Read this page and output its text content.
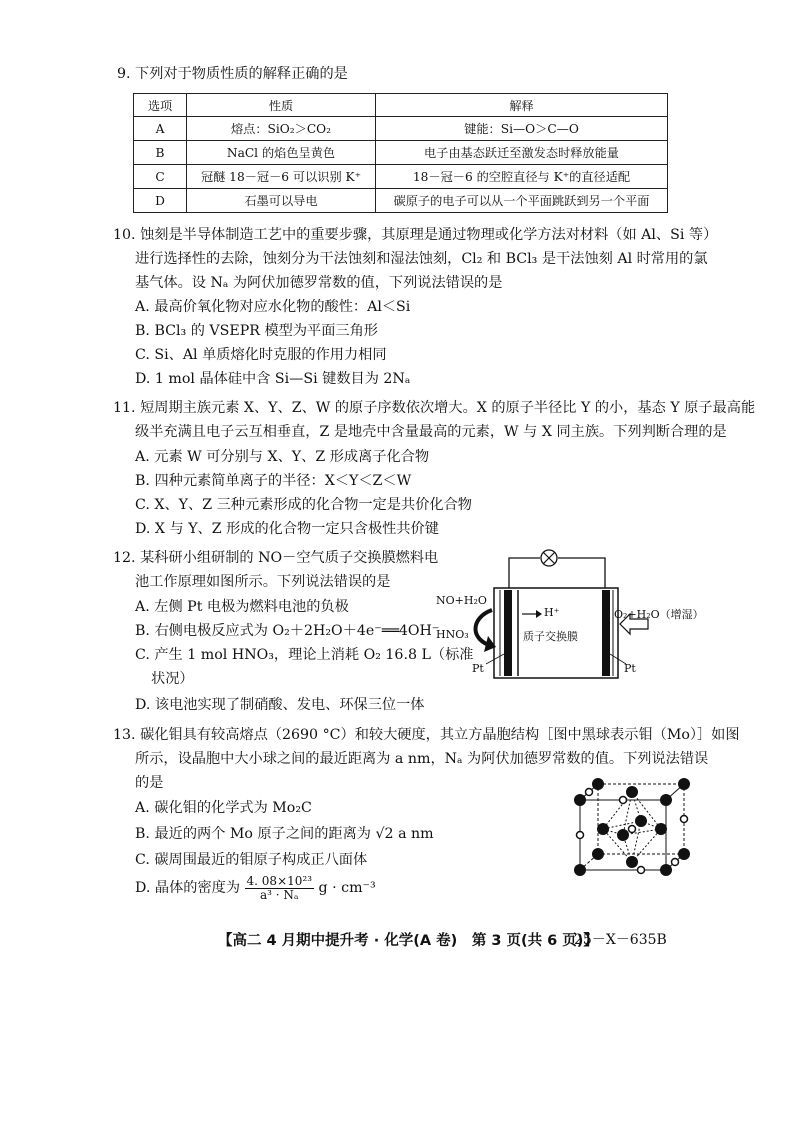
9. 下列对于物质性质的解释正确的是
选项	性质	解释
A	熔点：SiO₂＞CO₂	键能：Si—O＞C—O
B	NaCl 的焰色呈黄色	电子由基态跃迁至激发态时释放能量
C	冠醚 18－冠－6 可以识别 K⁺	18－冠－6 的空腔直径与 K⁺的直径适配
D	石墨可以导电	碳原子的电子可以从一个平面跳跃到另一个平面
10. 蚀刻是半导体制造工艺中的重要步骤，其原理是通过物理或化学方法对材料（如 Al、Si 等）
进行选择性的去除，蚀刻分为干法蚀刻和湿法蚀刻，Cl₂ 和 BCl₃ 是干法蚀刻 Al 时常用的氯
基气体。设 Nₐ 为阿伏加德罗常数的值，下列说法错误的是
A. 最高价氧化物对应水化物的酸性：Al＜Si
B. BCl₃ 的 VSEPR 模型为平面三角形
C. Si、Al 单质熔化时克服的作用力相同
D. 1 mol 晶体硅中含 Si—Si 键数目为 2Nₐ
11. 短周期主族元素 X、Y、Z、W 的原子序数依次增大。X 的原子半径比 Y 的小，基态 Y 原子最高能
级半充满且电子云互相垂直，Z 是地壳中含量最高的元素，W 与 X 同主族。下列判断合理的是
A. 元素 W 可分别与 X、Y、Z 形成离子化合物
B. 四种元素简单离子的半径：X＜Y＜Z＜W
C. X、Y、Z 三种元素形成的化合物一定是共价化合物
D. X 与 Y、Z 形成的化合物一定只含极性共价键
12. 某科研小组研制的 NO－空气质子交换膜燃料电
池工作原理如图所示。下列说法错误的是
A. 左侧 Pt 电极为燃料电池的负极
B. 右侧电极反应式为 O₂＋2H₂O＋4e⁻══4OH⁻
C. 产生 1 mol HNO₃，理论上消耗 O₂ 16.8 L（标准
状况）
D. 该电池实现了制硝酸、发电、环保三位一体
NO+H₂O
HNO₃
H⁺
质子交换膜
O₂+H₂O（增湿）
Pt	Pt
13. 碳化钼具有较高熔点（2690 °C）和较大硬度，其立方晶胞结构［图中黑球表示钼（Mo）］如图
所示，设晶胞中大小球之间的最近距离为 a nm，Nₐ 为阿伏加德罗常数的值。下列说法错误
的是
A. 碳化钼的化学式为 Mo₂C
B. 最近的两个 Mo 原子之间的距离为 √2 a nm
C. 碳周围最近的钼原子构成正八面体
D. 晶体的密度为 $\frac{\text{4. 08×10²³}}{\text{a³ · Nₐ}}$ g · cm⁻³
【高二 4 月期中提升考 · 化学(A 卷)　第 3 页(共 6 页)】
25－X－635B
